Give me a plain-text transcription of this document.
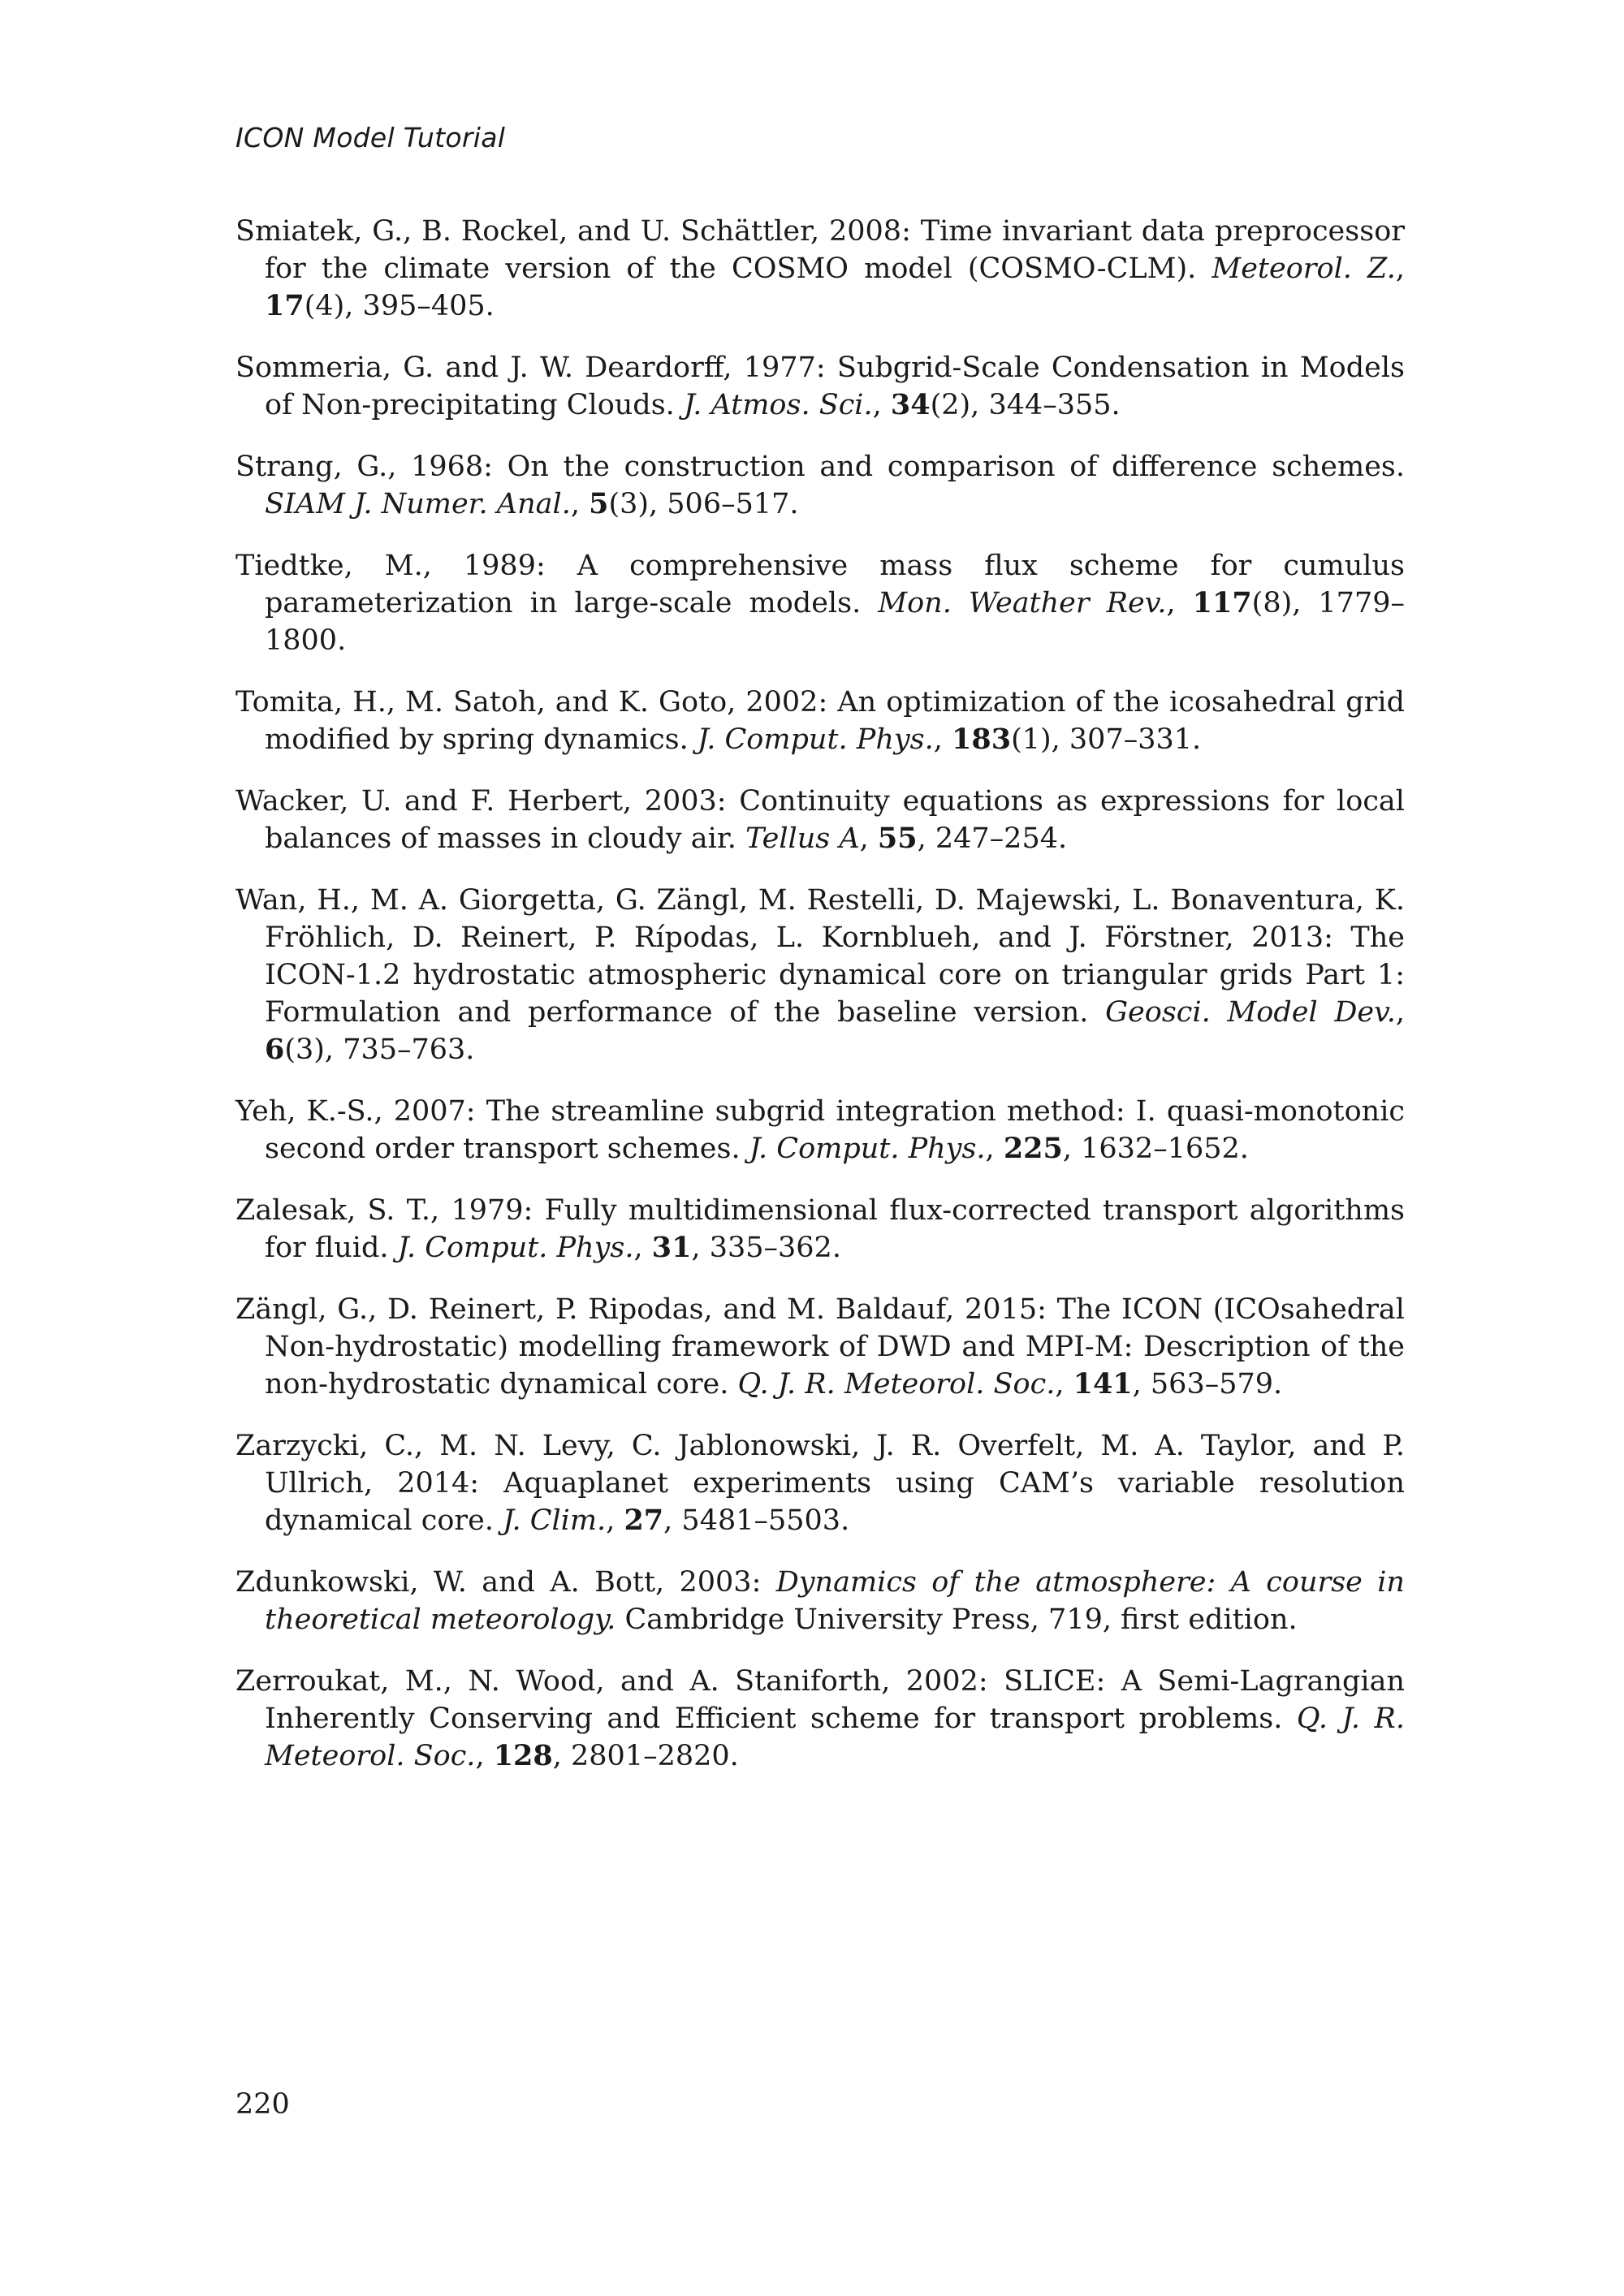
ICON Model Tutorial

Smiatek, G., B. Rockel, and U. Schättler, 2008: Time invariant data preprocessor for the climate version of the COSMO model (COSMO-CLM). Meteorol. Z., 17(4), 395–405.

Sommeria, G. and J. W. Deardorff, 1977: Subgrid-Scale Condensation in Models of Non-precipitating Clouds. J. Atmos. Sci., 34(2), 344–355.

Strang, G., 1968: On the construction and comparison of difference schemes. SIAM J. Numer. Anal., 5(3), 506–517.

Tiedtke, M., 1989: A comprehensive mass flux scheme for cumulus parameterization in large-scale models. Mon. Weather Rev., 117(8), 1779–1800.

Tomita, H., M. Satoh, and K. Goto, 2002: An optimization of the icosahedral grid modified by spring dynamics. J. Comput. Phys., 183(1), 307–331.

Wacker, U. and F. Herbert, 2003: Continuity equations as expressions for local balances of masses in cloudy air. Tellus A, 55, 247–254.

Wan, H., M. A. Giorgetta, G. Zängl, M. Restelli, D. Majewski, L. Bonaventura, K. Fröhlich, D. Reinert, P. Rípodas, L. Kornblueh, and J. Förstner, 2013: The ICON-1.2 hydrostatic atmospheric dynamical core on triangular grids Part 1: Formulation and performance of the baseline version. Geosci. Model Dev., 6(3), 735–763.

Yeh, K.-S., 2007: The streamline subgrid integration method: I. quasi-monotonic second order transport schemes. J. Comput. Phys., 225, 1632–1652.

Zalesak, S. T., 1979: Fully multidimensional flux-corrected transport algorithms for fluid. J. Comput. Phys., 31, 335–362.

Zängl, G., D. Reinert, P. Ripodas, and M. Baldauf, 2015: The ICON (ICOsahedral Non-hydrostatic) modelling framework of DWD and MPI-M: Description of the non-hydrostatic dynamical core. Q. J. R. Meteorol. Soc., 141, 563–579.

Zarzycki, C., M. N. Levy, C. Jablonowski, J. R. Overfelt, M. A. Taylor, and P. Ullrich, 2014: Aquaplanet experiments using CAM’s variable resolution dynamical core. J. Clim., 27, 5481–5503.

Zdunkowski, W. and A. Bott, 2003: Dynamics of the atmosphere: A course in theoretical meteorology. Cambridge University Press, 719, first edition.

Zerroukat, M., N. Wood, and A. Staniforth, 2002: SLICE: A Semi-Lagrangian Inherently Conserving and Efficient scheme for transport problems. Q. J. R. Meteorol. Soc., 128, 2801–2820.

220
